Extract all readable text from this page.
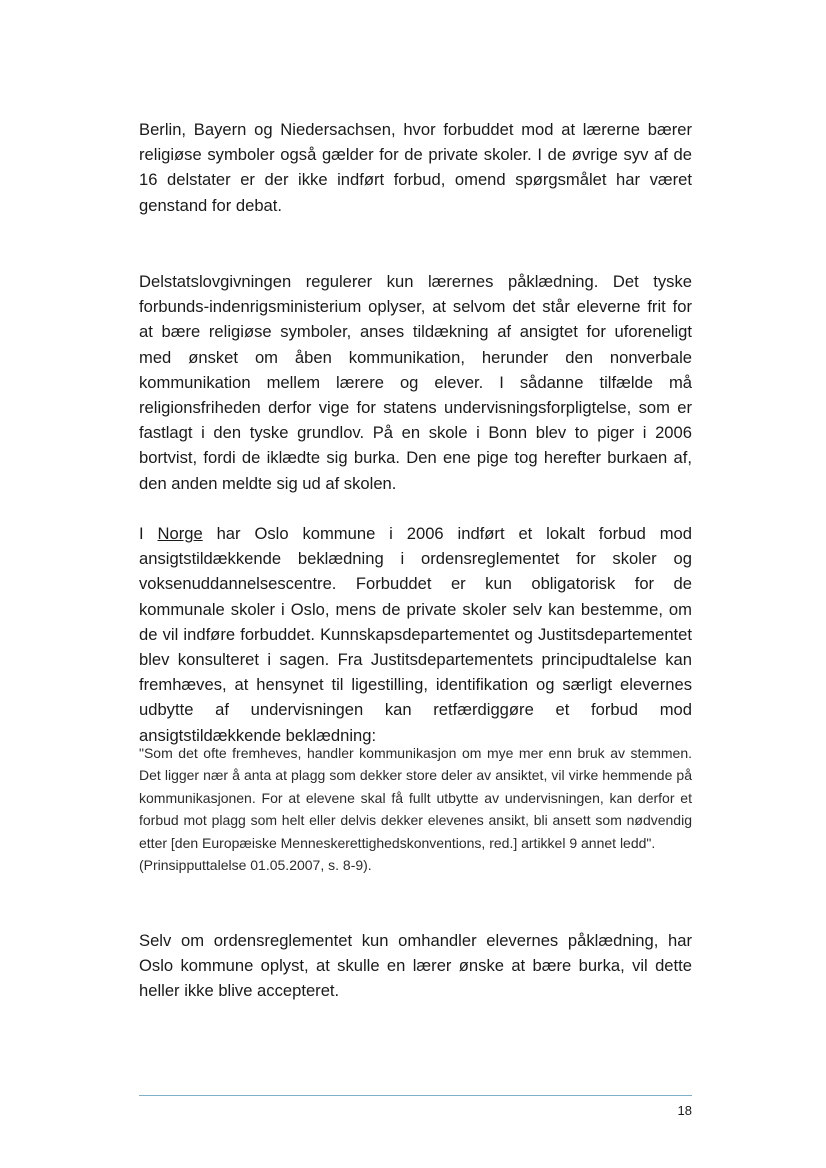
Berlin, Bayern og Niedersachsen, hvor forbuddet mod at lærerne bærer religiøse symboler også gælder for de private skoler. I de øvrige syv af de 16 delstater er der ikke indført forbud, omend spørgsmålet har været genstand for debat.

Delstatslovgivningen regulerer kun lærernes påklædning. Det tyske forbunds-indenrigsministerium oplyser, at selvom det står eleverne frit for at bære religiøse symboler, anses tildækning af ansigtet for uforeneligt med ønsket om åben kommunikation, herunder den nonverbale kommunikation mellem lærere og elever. I sådanne tilfælde må religionsfriheden derfor vige for statens undervisningsforpligtelse, som er fastlagt i den tyske grundlov. På en skole i Bonn blev to piger i 2006 bortvist, fordi de iklædte sig burka. Den ene pige tog herefter burkaen af, den anden meldte sig ud af skolen.

I Norge har Oslo kommune i 2006 indført et lokalt forbud mod ansigtstildækkende beklædning i ordensreglementet for skoler og voksenuddannelsescentre. Forbuddet er kun obligatorisk for de kommunale skoler i Oslo, mens de private skoler selv kan bestemme, om de vil indføre forbuddet. Kunnskapsdepartementet og Justitsdepartementet blev konsulteret i sagen. Fra Justitsdepartementets principudtalelse kan fremhæves, at hensynet til ligestilling, identifikation og særligt elevernes udbytte af undervisningen kan retfærdiggøre et forbud mod ansigtstildækkende beklædning:

"Som det ofte fremheves, handler kommunikasjon om mye mer enn bruk av stemmen. Det ligger nær å anta at plagg som dekker store deler av ansiktet, vil virke hemmende på kommunikasjonen. For at elevene skal få fullt utbytte av undervisningen, kan derfor et forbud mot plagg som helt eller delvis dekker elevenes ansikt, bli ansett som nødvendig etter [den Europæiske Menneskerettighedskonventions, red.] artikkel 9 annet ledd".

(Prinsipputtalelse 01.05.2007, s. 8-9).

Selv om ordensreglementet kun omhandler elevernes påklædning, har Oslo kommune oplyst, at skulle en lærer ønske at bære burka, vil dette heller ikke blive accepteret.

18
